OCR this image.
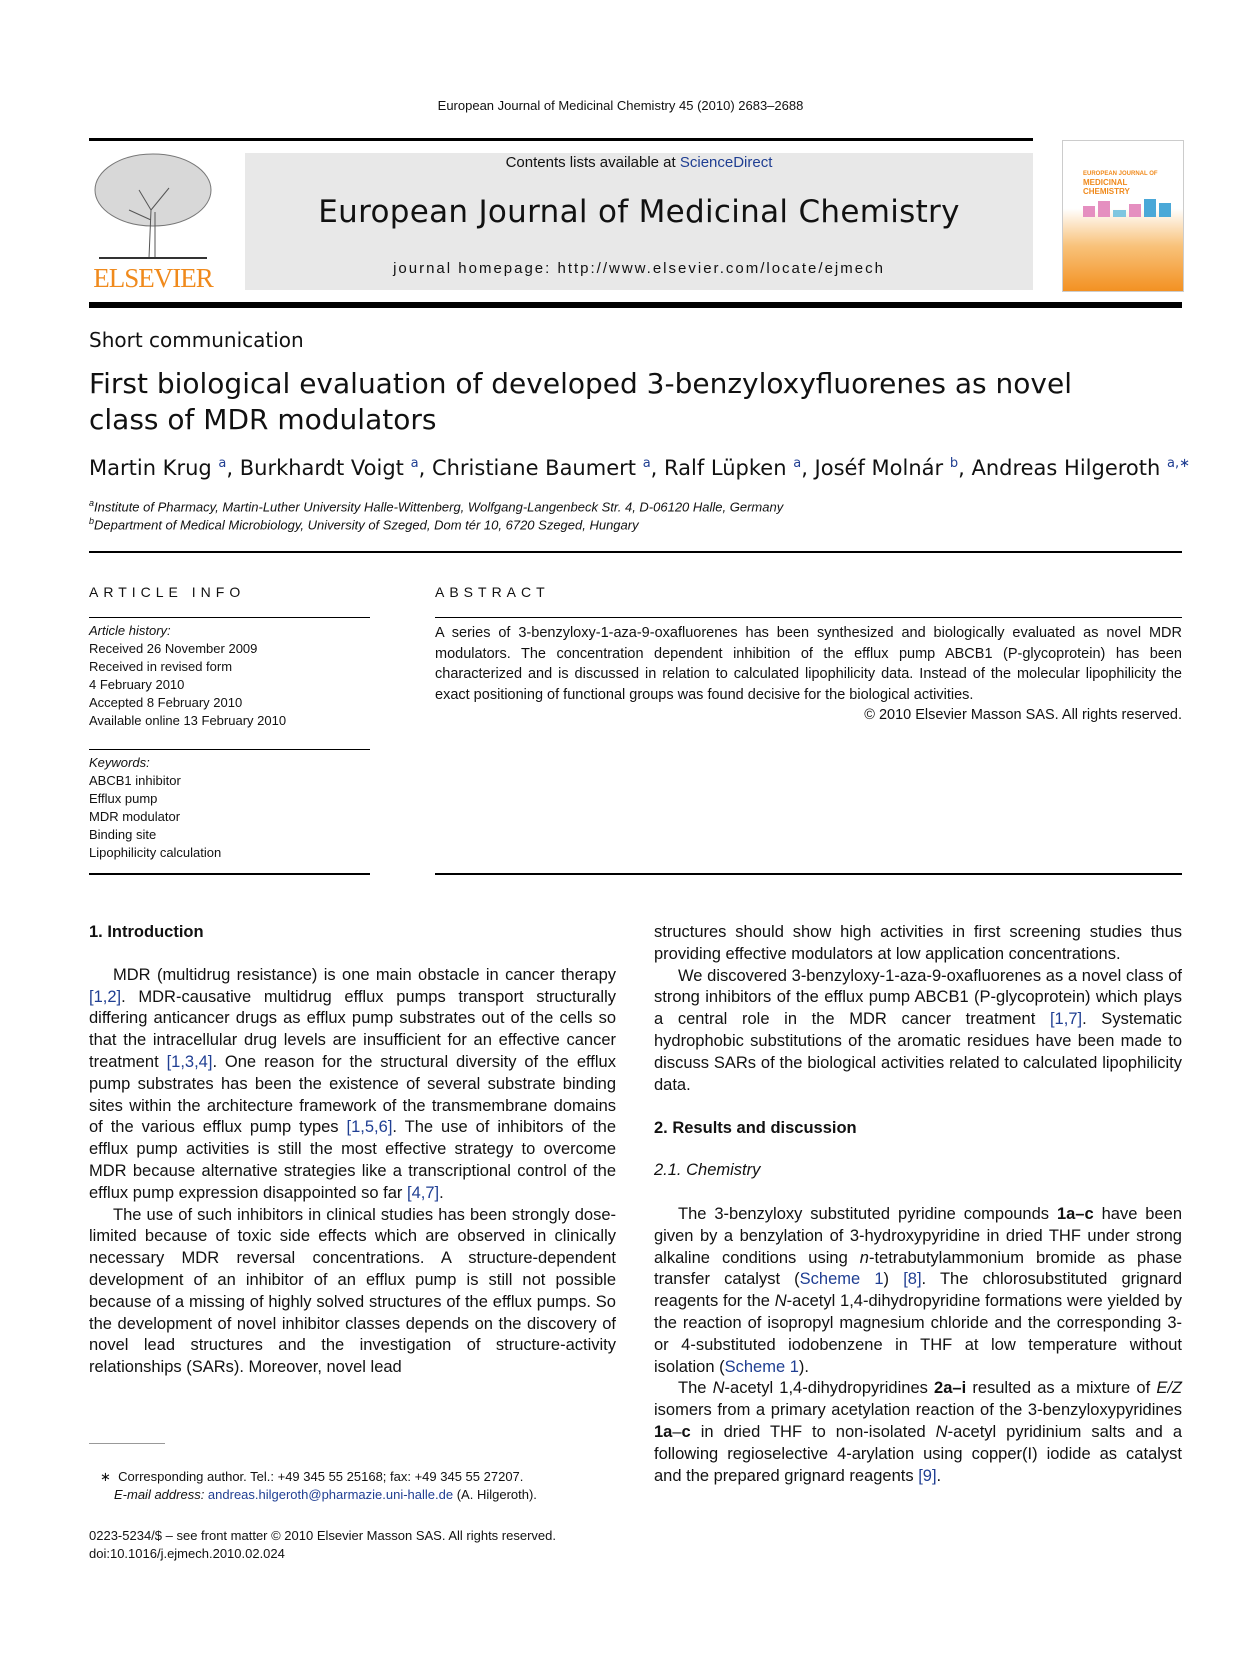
European Journal of Medicinal Chemistry 45 (2010) 2683–2688
ELSEVIER
Contents lists available at ScienceDirect
European Journal of Medicinal Chemistry
journal homepage: http://www.elsevier.com/locate/ejmech
EUROPEAN JOURNAL OF
MEDICINAL CHEMISTRY
Short communication
First biological evaluation of developed 3-benzyloxyfluorenes as novel class of MDR modulators
Martin Krug $^a$, Burkhardt Voigt $^a$, Christiane Baumert $^a$, Ralf Lüpken $^a$, Joséf Molnár $^b$, Andreas Hilgeroth $^{a,∗}$
$^a$Institute of Pharmacy, Martin-Luther University Halle-Wittenberg, Wolfgang-Langenbeck Str. 4, D-06120 Halle, Germany
$^b$Department of Medical Microbiology, University of Szeged, Dom tér 10, 6720 Szeged, Hungary
ARTICLE INFO
Article history:
Received 26 November 2009
Received in revised form
4 February 2010
Accepted 8 February 2010
Available online 13 February 2010
Keywords:
ABCB1 inhibitor
Efflux pump
MDR modulator
Binding site
Lipophilicity calculation
ABSTRACT
A series of 3-benzyloxy-1-aza-9-oxafluorenes has been synthesized and biologically evaluated as novel MDR modulators. The concentration dependent inhibition of the efflux pump ABCB1 (P-glycoprotein) has been characterized and is discussed in relation to calculated lipophilicity data. Instead of the molecular lipophilicity the exact positioning of functional groups was found decisive for the biological activities.
© 2010 Elsevier Masson SAS. All rights reserved.
1. Introduction

MDR (multidrug resistance) is one main obstacle in cancer therapy [1,2]. MDR-causative multidrug efflux pumps transport structurally differing anticancer drugs as efflux pump substrates out of the cells so that the intracellular drug levels are insufficient for an effective cancer treatment [1,3,4]. One reason for the structural diversity of the efflux pump substrates has been the existence of several substrate binding sites within the architecture framework of the transmembrane domains of the various efflux pump types [1,5,6]. The use of inhibitors of the efflux pump activities is still the most effective strategy to overcome MDR because alternative strategies like a transcriptional control of the efflux pump expression disappointed so far [4,7].

The use of such inhibitors in clinical studies has been strongly dose-limited because of toxic side effects which are observed in clinically necessary MDR reversal concentrations. A structure-dependent development of an inhibitor of an efflux pump is still not possible because of a missing of highly solved structures of the efflux pumps. So the development of novel inhibitor classes depends on the discovery of novel lead structures and the investigation of structure-activity relationships (SARs). Moreover, novel lead

∗ Corresponding author. Tel.: +49 345 55 25168; fax: +49 345 55 27207.
E-mail address: andreas.hilgeroth@pharmazie.uni-halle.de (A. Hilgeroth).
0223-5234/$ – see front matter © 2010 Elsevier Masson SAS. All rights reserved.
doi:10.1016/j.ejmech.2010.02.024

structures should show high activities in first screening studies thus providing effective modulators at low application concentrations.

We discovered 3-benzyloxy-1-aza-9-oxafluorenes as a novel class of strong inhibitors of the efflux pump ABCB1 (P-glycoprotein) which plays a central role in the MDR cancer treatment [1,7]. Systematic hydrophobic substitutions of the aromatic residues have been made to discuss SARs of the biological activities related to calculated lipophilicity data.

2. Results and discussion
2.1. Chemistry

The 3-benzyloxy substituted pyridine compounds 1a–c have been given by a benzylation of 3-hydroxypyridine in dried THF under strong alkaline conditions using n-tetrabutylammonium bromide as phase transfer catalyst (Scheme 1) [8]. The chlorosubstituted grignard reagents for the N-acetyl 1,4-dihydropyridine formations were yielded by the reaction of isopropyl magnesium chloride and the corresponding 3- or 4-substituted iodobenzene in THF at low temperature without isolation (Scheme 1).

The N-acetyl 1,4-dihydropyridines 2a–i resulted as a mixture of E/Z isomers from a primary acetylation reaction of the 3-benzyloxypyridines 1a–c in dried THF to non-isolated N-acetyl pyridinium salts and a following regioselective 4-arylation using copper(I) iodide as catalyst and the prepared grignard reagents [9].
